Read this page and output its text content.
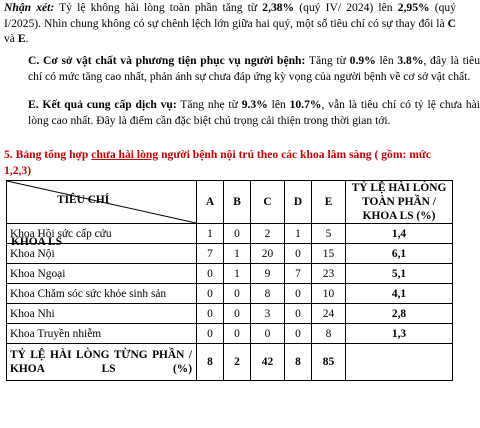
Nhận xét: Tỷ lệ không hài lòng toàn phần tăng từ 2,38% (quý IV/ 2024) lên 2,95% (quý I/2025). Nhìn chung không có sự chênh lệch lớn giữa hai quý, một số tiêu chí có sự thay đổi là C và E.

C. Cơ sở vật chất và phương tiện phục vụ người bệnh: Tăng từ 0.9% lên 3.8%, đây là tiêu chí có mức tăng cao nhất, phản ánh sự chưa đáp ứng kỳ vọng của người bệnh về cơ sở vật chất.

E. Kết quả cung cấp dịch vụ: Tăng nhẹ từ 9.3% lên 10.7%, vẫn là tiêu chí có tỷ lệ chưa hài lòng cao nhất. Đây là điểm cần đặc biệt chú trọng cải thiện trong thời gian tới.

5. Bảng tổng hợp chưa hài lòng người bệnh nội trú theo các khoa lâm sàng ( gồm: mức 1,2,3)

TIÊU CHÍ
KHOA LS	A	B	C	D	E	TỶ LỆ HÀI LÒNG TOÀN PHẦN / KHOA LS (%)
Khoa Hồi sức cấp cứu	1	0	2	1	5	1,4
Khoa Nội	7	1	20	0	15	6,1
Khoa Ngoại	0	1	9	7	23	5,1
Khoa Chăm sóc sức khỏe sinh sản	0	0	8	0	10	4,1
Khoa Nhi	0	0	3	0	24	2,8
Khoa Truyền nhiễm	0	0	0	0	8	1,3
TỶ LỆ HÀI LÒNG TỪNG PHẦN / KHOA LS (%)	8	2	42	8	85	
